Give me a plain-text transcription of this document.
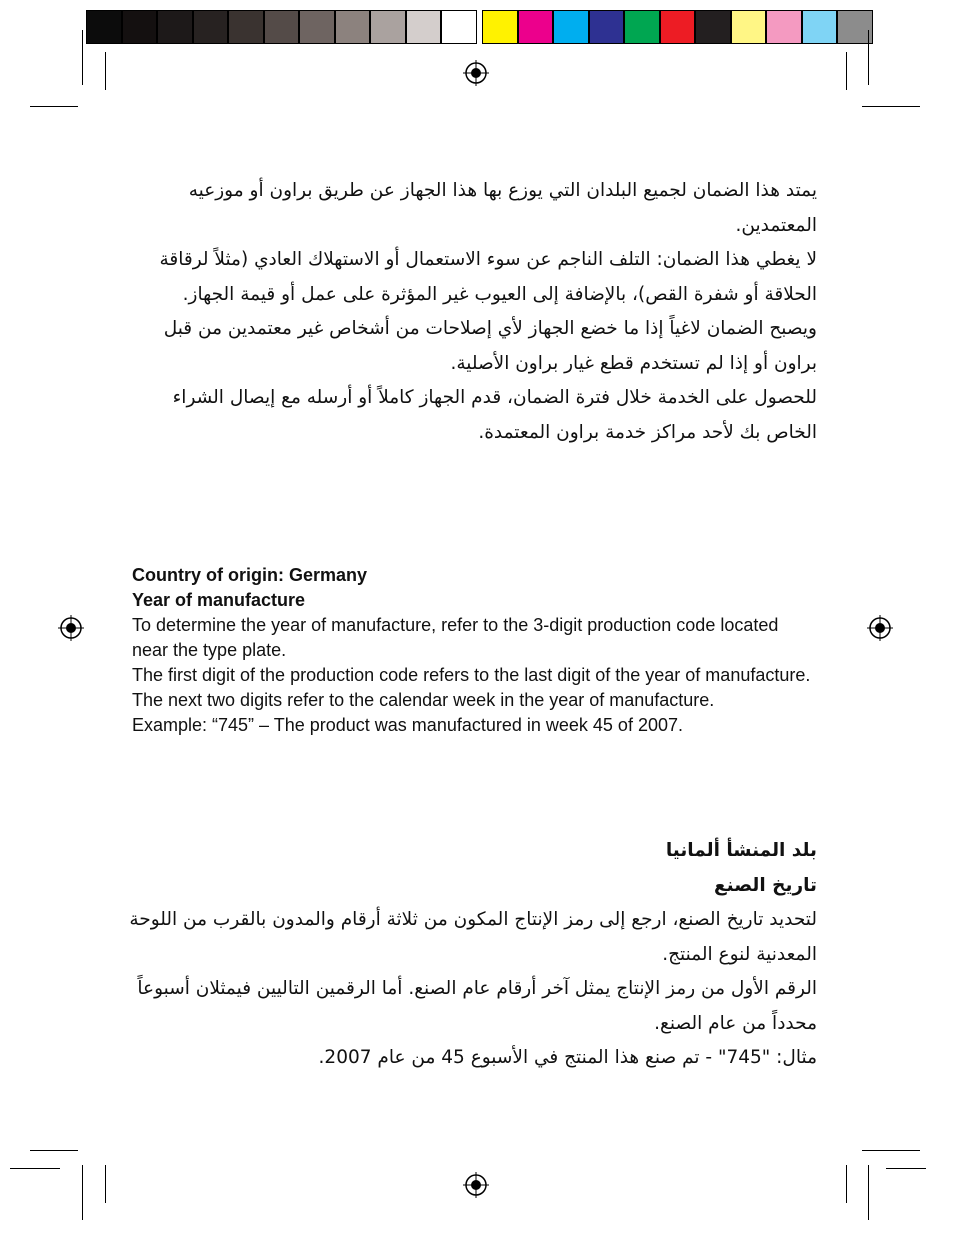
يمتد هذا الضمان لجميع البلدان التي يوزع بها هذا الجهاز عن طريق براون أو موزعيه المعتمدين.

لا يغطي هذا الضمان: التلف الناجم عن سوء الاستعمال أو الاستهلاك العادي (مثلاً لرقاقة الحلاقة أو شفرة القص)، بالإضافة إلى العيوب غير المؤثرة على عمل أو قيمة الجهاز.

ويصبح الضمان لاغياً إذا ما خضع الجهاز لأي إصلاحات من أشخاص غير معتمدين من قبل براون أو إذا لم تستخدم قطع غيار براون الأصلية.

للحصول على الخدمة خلال فترة الضمان، قدم الجهاز كاملاً أو أرسله مع إيصال الشراء الخاص بك لأحد مراكز خدمة براون المعتمدة.

Country of origin: Germany

Year of manufacture

To determine the year of manufacture, refer to the 3-digit production code located near the type plate.

The first digit of the production code refers to the last digit of the year of manufacture. The next two digits refer to the calendar week in the year of manufacture.

Example: “745” – The product was manufactured in week 45 of 2007.

بلد المنشأ ألمانيا

تاريخ الصنع

لتحديد تاريخ الصنع، ارجع إلى رمز الإنتاج المكون من ثلاثة أرقام والمدون بالقرب من اللوحة المعدنية لنوع المنتج.

الرقم الأول من رمز الإنتاج يمثل آخر أرقام عام الصنع. أما الرقمين التاليين فيمثلان أسبوعاً محدداً من عام الصنع.

مثال: "745" - تم صنع هذا المنتج في الأسبوع 45 من عام 2007.
